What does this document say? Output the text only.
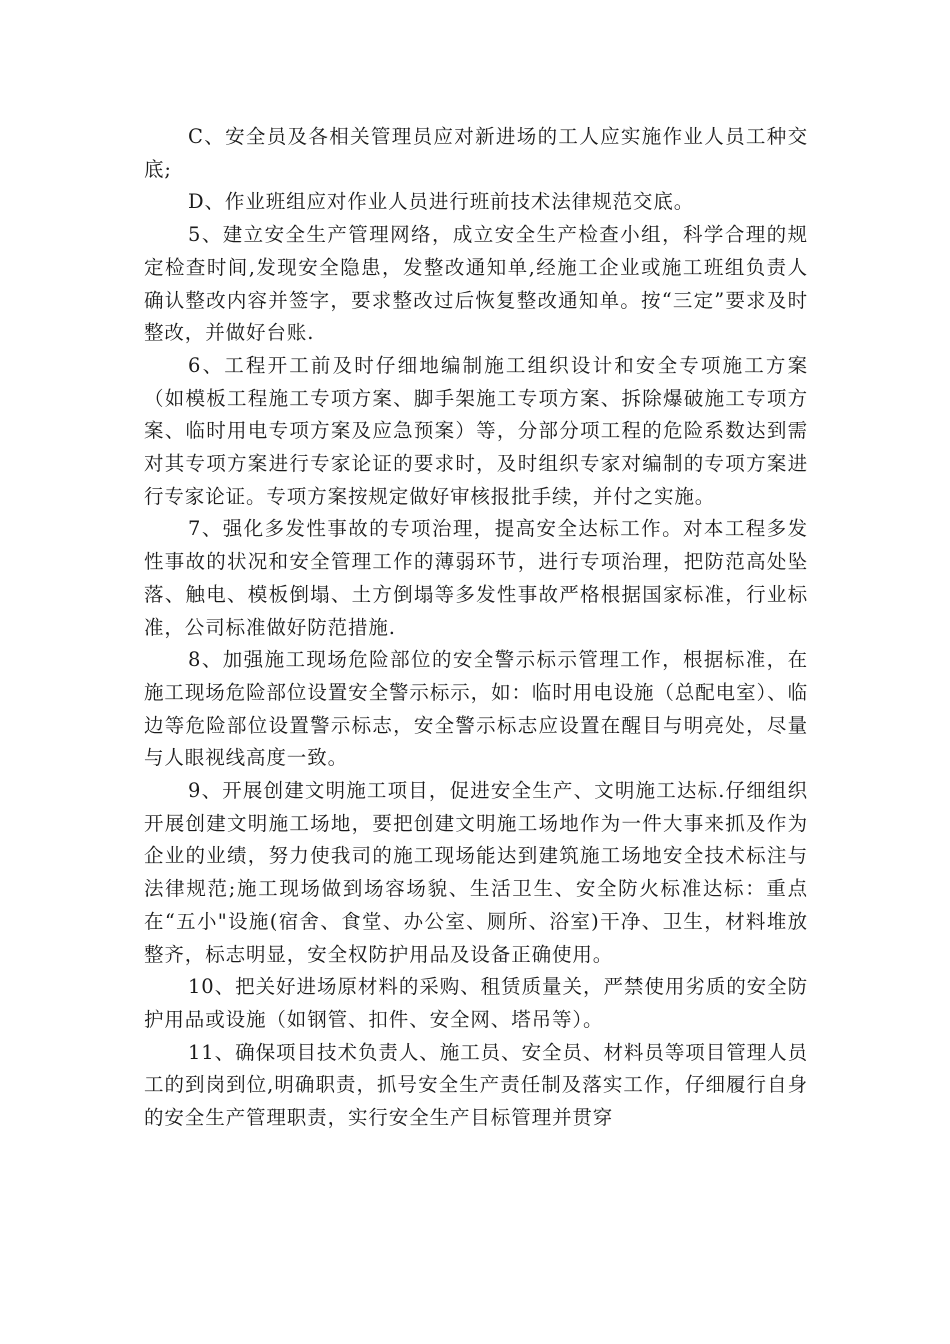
C、安全员及各相关管理员应对新进场的工人应实施作业人员工种交底;

D、作业班组应对作业人员进行班前技术法律规范交底。

5、建立安全生产管理网络，成立安全生产检查小组，科学合理的规定检查时间,发现安全隐患，发整改通知单,经施工企业或施工班组负责人确认整改内容并签字，要求整改过后恢复整改通知单。按“三定”要求及时整改，并做好台账.

6、工程开工前及时仔细地编制施工组织设计和安全专项施工方案（如模板工程施工专项方案、脚手架施工专项方案、拆除爆破施工专项方案、临时用电专项方案及应急预案）等，分部分项工程的危险系数达到需对其专项方案进行专家论证的要求时，及时组织专家对编制的专项方案进行专家论证。专项方案按规定做好审核报批手续，并付之实施。

7、强化多发性事故的专项治理，提高安全达标工作。对本工程多发性事故的状况和安全管理工作的薄弱环节，进行专项治理，把防范高处坠落、触电、模板倒塌、土方倒塌等多发性事故严格根据国家标准，行业标准，公司标准做好防范措施.

8、加强施工现场危险部位的安全警示标示管理工作，根据标准，在施工现场危险部位设置安全警示标示，如：临时用电设施（总配电室）、临边等危险部位设置警示标志，安全警示标志应设置在醒目与明亮处，尽量与人眼视线高度一致。

9、开展创建文明施工项目，促进安全生产、文明施工达标.仔细组织开展创建文明施工场地，要把创建文明施工场地作为一件大事来抓及作为企业的业绩，努力使我司的施工现场能达到建筑施工场地安全技术标注与法律规范;施工现场做到场容场貌、生活卫生、安全防火标准达标：重点在“五小"设施(宿舍、食堂、办公室、厕所、浴室)干净、卫生，材料堆放整齐，标志明显，安全权防护用品及设备正确使用。

10、把关好进场原材料的采购、租赁质量关，严禁使用劣质的安全防护用品或设施（如钢管、扣件、安全网、塔吊等）。

11、确保项目技术负责人、施工员、安全员、材料员等项目管理人员工的到岗到位,明确职责，抓号安全生产责任制及落实工作，仔细履行自身的安全生产管理职责，实行安全生产目标管理并贯穿
